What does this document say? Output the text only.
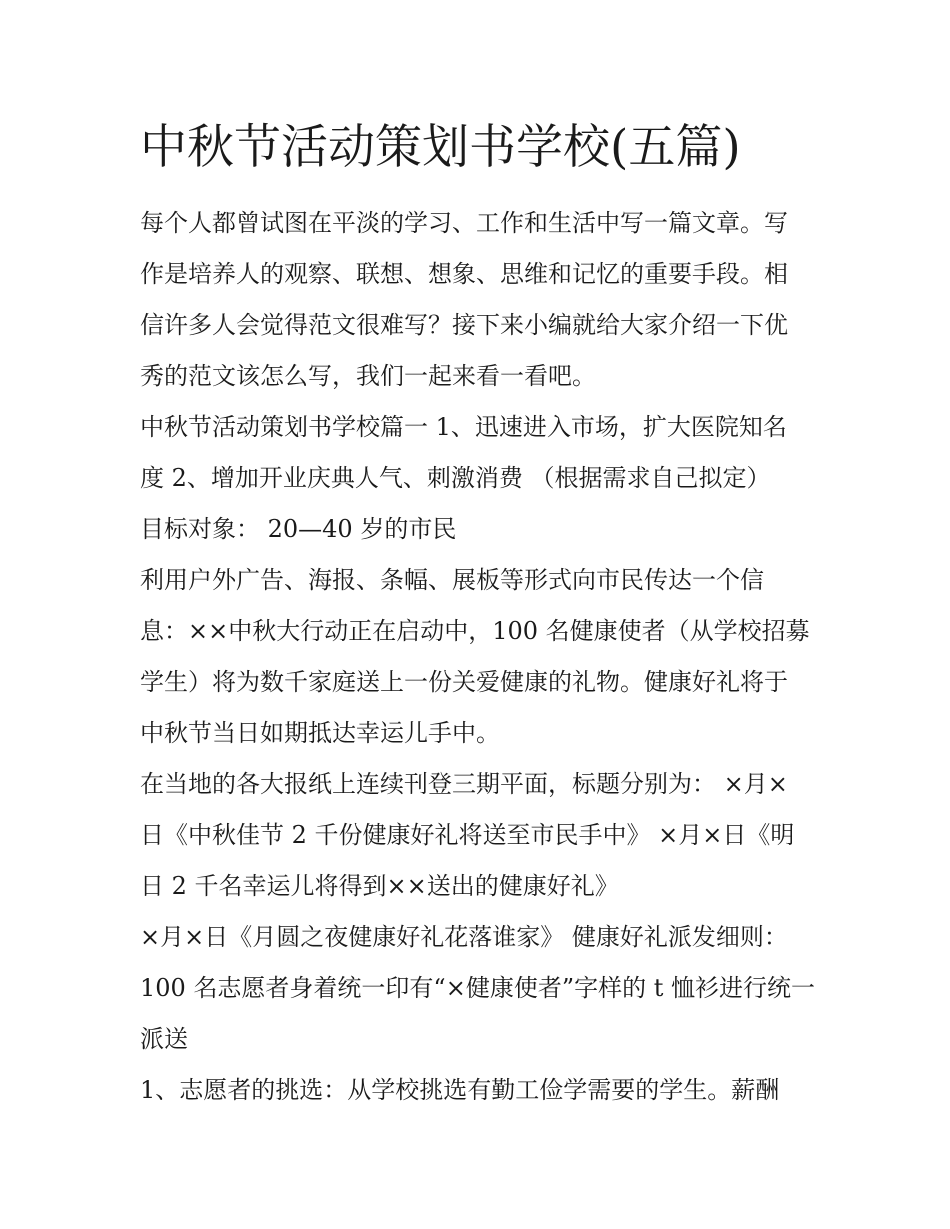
中秋节活动策划书学校(五篇)

每个人都曾试图在平淡的学习、工作和生活中写一篇文章。写

作是培养人的观察、联想、想象、思维和记忆的重要手段。相

信许多人会觉得范文很难写？接下来小编就给大家介绍一下优

秀的范文该怎么写，我们一起来看一看吧。

中秋节活动策划书学校篇一 1、迅速进入市场，扩大医院知名

度 2、增加开业庆典人气、刺激消费 （根据需求自己拟定）

目标对象： 20—40 岁的市民

利用户外广告、海报、条幅、展板等形式向市民传达一个信

息：××中秋大行动正在启动中，100 名健康使者（从学校招募

学生）将为数千家庭送上一份关爱健康的礼物。健康好礼将于

中秋节当日如期抵达幸运儿手中。

在当地的各大报纸上连续刊登三期平面，标题分别为： ×月×

日《中秋佳节 2 千份健康好礼将送至市民手中》 ×月×日《明

日 2 千名幸运儿将得到××送出的健康好礼》

×月×日《月圆之夜健康好礼花落谁家》 健康好礼派发细则：

100 名志愿者身着统一印有“×健康使者”字样的 t 恤衫进行统一

派送

1、志愿者的挑选：从学校挑选有勤工俭学需要的学生。薪酬
